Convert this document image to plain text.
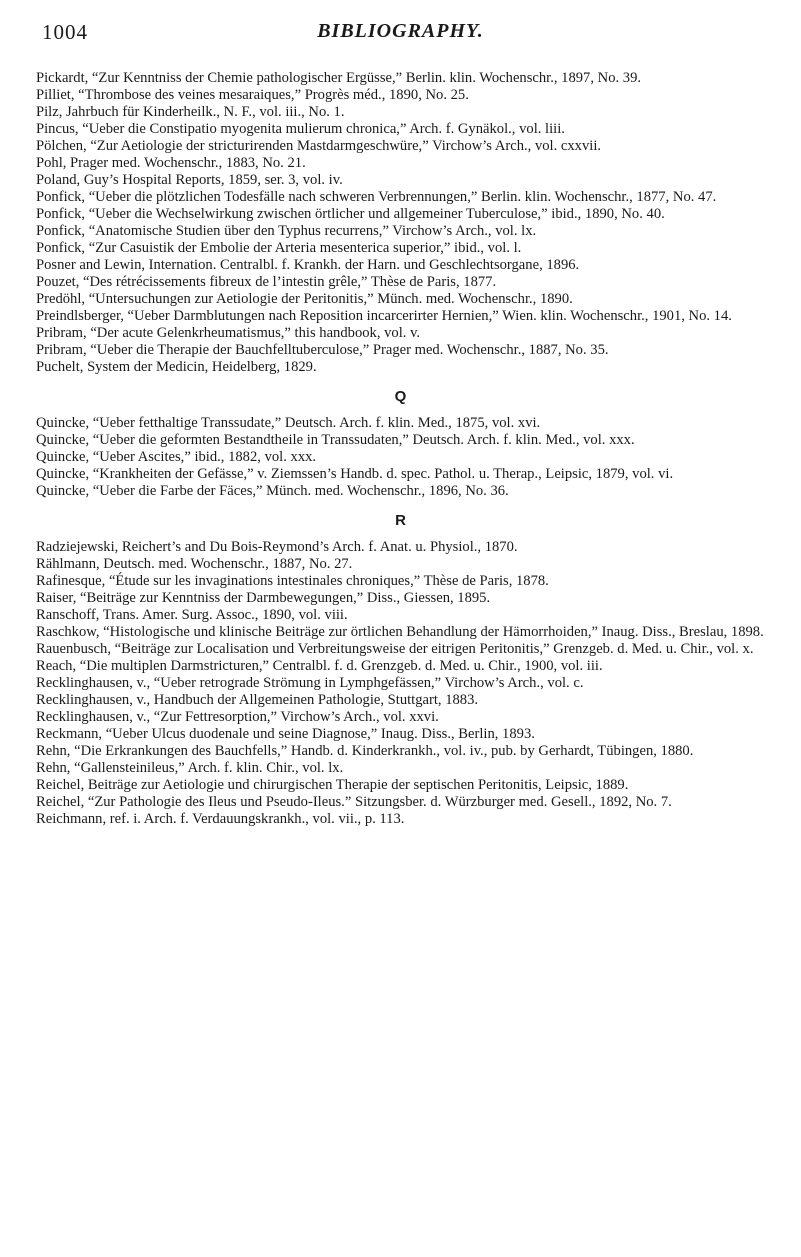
1004	BIBLIOGRAPHY.

Pickardt, “Zur Kenntniss der Chemie pathologischer Ergüsse,” Berlin. klin. Wochenschr., 1897, No. 39.

Pilliet, “Thrombose des veines mesaraiques,” Progrès méd., 1890, No. 25.

Pilz, Jahrbuch für Kinderheilk., N. F., vol. iii., No. 1.

Pincus, “Ueber die Constipatio myogenita mulierum chronica,” Arch. f. Gynäkol., vol. liii.

Pölchen, “Zur Aetiologie der stricturirenden Mastdarmgeschwüre,” Virchow’s Arch., vol. cxxvii.

Pohl, Prager med. Wochenschr., 1883, No. 21.

Poland, Guy’s Hospital Reports, 1859, ser. 3, vol. iv.

Ponfick, “Ueber die plötzlichen Todesfälle nach schweren Verbrennungen,” Berlin. klin. Wochenschr., 1877, No. 47.

Ponfick, “Ueber die Wechselwirkung zwischen örtlicher und allgemeiner Tuberculose,” ibid., 1890, No. 40.

Ponfick, “Anatomische Studien über den Typhus recurrens,” Virchow’s Arch., vol. lx.

Ponfick, “Zur Casuistik der Embolie der Arteria mesenterica superior,” ibid., vol. l.

Posner and Lewin, Internation. Centralbl. f. Krankh. der Harn. und Geschlechtsorgane, 1896.

Pouzet, “Des rétrécissements fibreux de l’intestin grêle,” Thèse de Paris, 1877.

Predöhl, “Untersuchungen zur Aetiologie der Peritonitis,” Münch. med. Wochenschr., 1890.

Preindlsberger, “Ueber Darmblutungen nach Reposition incarcerirter Hernien,” Wien. klin. Wochenschr., 1901, No. 14.

Pribram, “Der acute Gelenkrheumatismus,” this handbook, vol. v.

Pribram, “Ueber die Therapie der Bauchfelltuberculose,” Prager med. Wochenschr., 1887, No. 35.

Puchelt, System der Medicin, Heidelberg, 1829.

Q

Quincke, “Ueber fetthaltige Transsudate,” Deutsch. Arch. f. klin. Med., 1875, vol. xvi.

Quincke, “Ueber die geformten Bestandtheile in Transsudaten,” Deutsch. Arch. f. klin. Med., vol. xxx.

Quincke, “Ueber Ascites,” ibid., 1882, vol. xxx.

Quincke, “Krankheiten der Gefässe,” v. Ziemssen’s Handb. d. spec. Pathol. u. Therap., Leipsic, 1879, vol. vi.

Quincke, “Ueber die Farbe der Fäces,” Münch. med. Wochenschr., 1896, No. 36.

R

Radziejewski, Reichert’s and Du Bois-Reymond’s Arch. f. Anat. u. Physiol., 1870.

Rählmann, Deutsch. med. Wochenschr., 1887, No. 27.

Rafinesque, “Étude sur les invaginations intestinales chroniques,” Thèse de Paris, 1878.

Raiser, “Beiträge zur Kenntniss der Darmbewegungen,” Diss., Giessen, 1895.

Ranschoff, Trans. Amer. Surg. Assoc., 1890, vol. viii.

Raschkow, “Histologische und klinische Beiträge zur örtlichen Behandlung der Hämorrhoiden,” Inaug. Diss., Breslau, 1898.

Rauenbusch, “Beiträge zur Localisation und Verbreitungsweise der eitrigen Peritonitis,” Grenzgeb. d. Med. u. Chir., vol. x.

Reach, “Die multiplen Darmstricturen,” Centralbl. f. d. Grenzgeb. d. Med. u. Chir., 1900, vol. iii.

Recklinghausen, v., “Ueber retrograde Strömung in Lymphgefässen,” Virchow’s Arch., vol. c.

Recklinghausen, v., Handbuch der Allgemeinen Pathologie, Stuttgart, 1883.

Recklinghausen, v., “Zur Fettresorption,” Virchow’s Arch., vol. xxvi.

Reckmann, “Ueber Ulcus duodenale und seine Diagnose,” Inaug. Diss., Berlin, 1893.

Rehn, “Die Erkrankungen des Bauchfells,” Handb. d. Kinderkrankh., vol. iv., pub. by Gerhardt, Tübingen, 1880.

Rehn, “Gallensteinileus,” Arch. f. klin. Chir., vol. lx.

Reichel, Beiträge zur Aetiologie und chirurgischen Therapie der septischen Peritonitis, Leipsic, 1889.

Reichel, “Zur Pathologie des Ileus und Pseudo-Ileus.” Sitzungsber. d. Würzburger med. Gesell., 1892, No. 7.

Reichmann, ref. i. Arch. f. Verdauungskrankh., vol. vii., p. 113.
